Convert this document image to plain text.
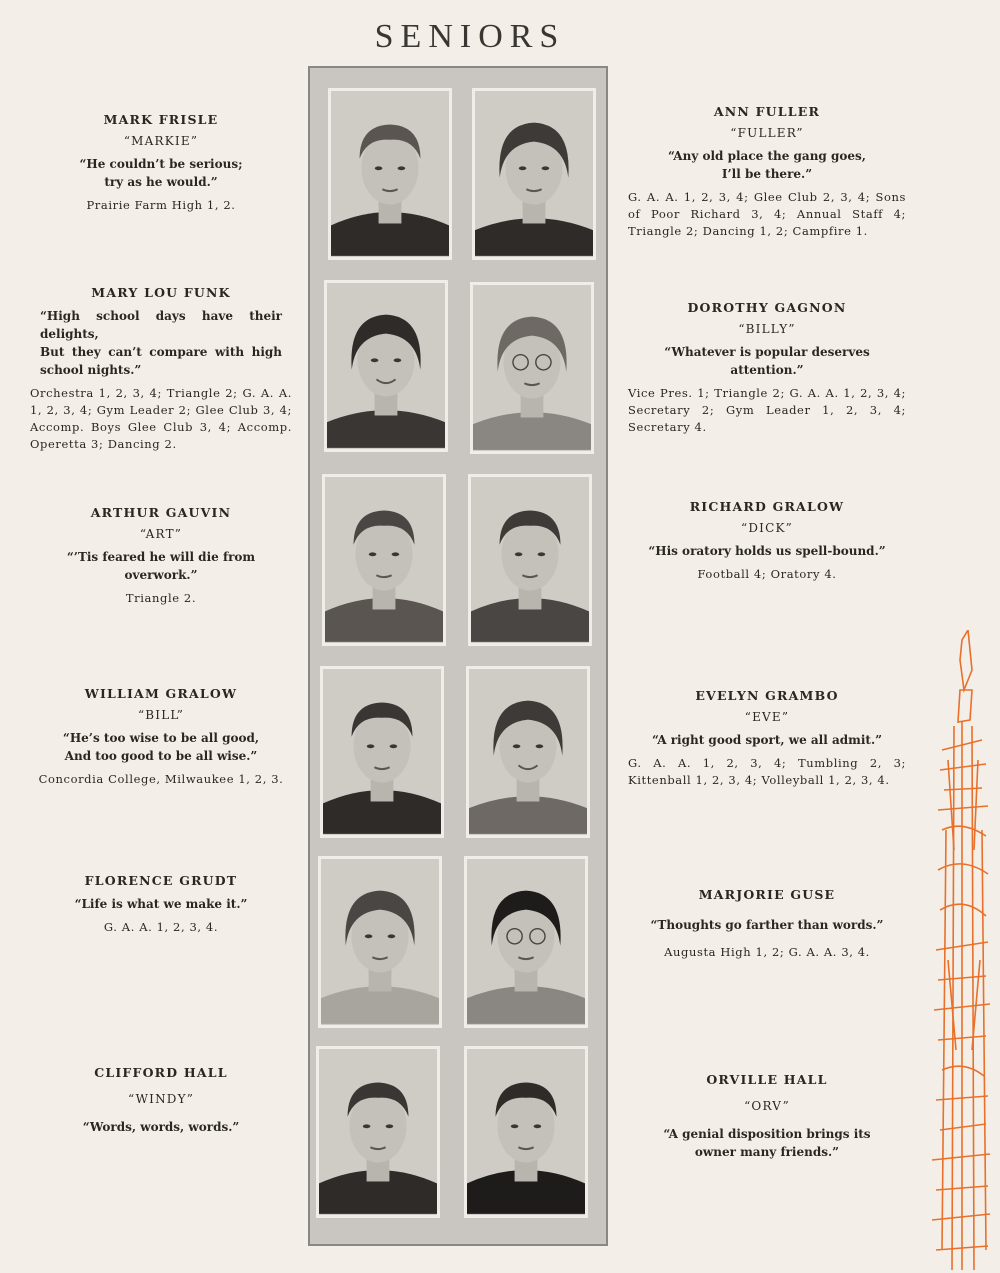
SENIORS
MARK FRISLE
“MARKIE”
“He couldn’t be serious;
try as he would.”
Prairie Farm High 1, 2.
MARY LOU FUNK
“High school days have their delights,
But they can’t compare with high school nights.”
Orchestra 1, 2, 3, 4; Triangle 2; G. A. A. 1, 2, 3, 4; Gym Leader 2; Glee Club 3, 4; Accomp. Boys Glee Club 3, 4; Accomp. Operetta 3; Dancing 2.
ARTHUR GAUVIN
“ART”
“’Tis feared he will die from overwork.”
Triangle 2.
WILLIAM GRALOW
“BILL”
“He’s too wise to be all good,
And too good to be all wise.”
Concordia College, Milwaukee 1, 2, 3.
FLORENCE GRUDT
“Life is what we make it.”
G. A. A. 1, 2, 3, 4.
CLIFFORD HALL
“WINDY”
“Words, words, words.”
ANN FULLER
“FULLER”
“Any old place the gang goes,
I’ll be there.”
G. A. A. 1, 2, 3, 4; Glee Club 2, 3, 4; Sons of Poor Richard 3, 4; Annual Staff 4; Triangle 2; Dancing 1, 2; Campfire 1.
DOROTHY GAGNON
“BILLY”
“Whatever is popular deserves attention.”
Vice Pres. 1; Triangle 2; G. A. A. 1, 2, 3, 4; Secretary 2; Gym Leader 1, 2, 3, 4; Secretary 4.
RICHARD GRALOW
“DICK”
“His oratory holds us spell-bound.”
Football 4; Oratory 4.
EVELYN GRAMBO
“EVE”
“A right good sport, we all admit.”
G. A. A. 1, 2, 3, 4; Tumbling 2, 3; Kittenball 1, 2, 3, 4; Volleyball 1, 2, 3, 4.
MARJORIE GUSE
“Thoughts go farther than words.”
Augusta High 1, 2; G. A. A. 3, 4.
ORVILLE HALL
“ORV”
“A genial disposition brings its owner many friends.”
